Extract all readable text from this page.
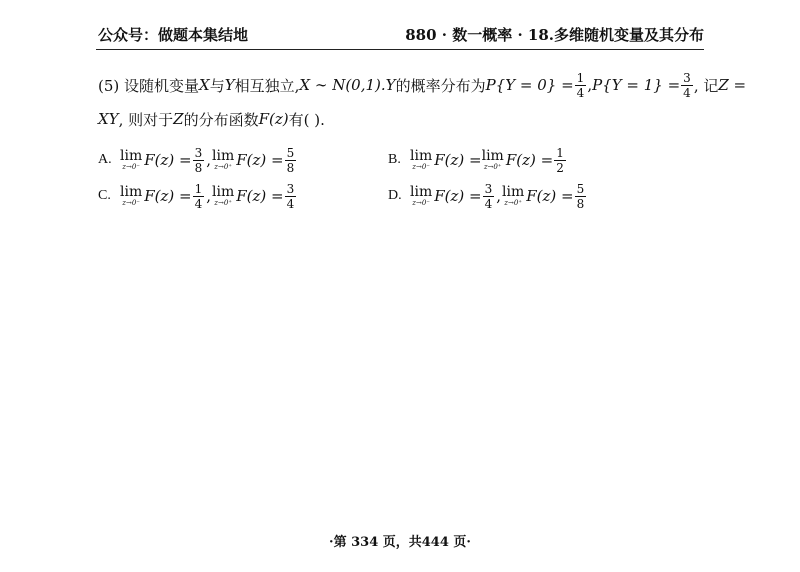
公众号：做题本集结地	880 · 数一概率 · 18.多维随机变量及其分布
(5) 设随机变量 X 与 Y 相互独立, X ∼ N(0,1). Y 的概率分布为 $P\{Y = 0\} = \frac{1}{4}$ , $P\{Y = 1\} = \frac{3}{4}$ , 记 Z =
XY , 则对于 Z 的分布函数 F(z) 有( ).
A. lim
z→0⁻ $F(z) = \frac{3}{8}$ , lim
z→0⁺ $F(z) = \frac{5}{8}$	B. lim
z→0⁻ F(z) = lim
z→0⁺ $F(z) = \frac{1}{2}$
C. lim
z→0⁻ $F(z) = \frac{1}{4}$ , lim
z→0⁺ $F(z) = \frac{3}{4}$	D. lim
z→0⁻ $F(z) = \frac{3}{4}$ , lim
z→0⁺ $F(z) = \frac{5}{8}$
·第 334 页，共444 页·
